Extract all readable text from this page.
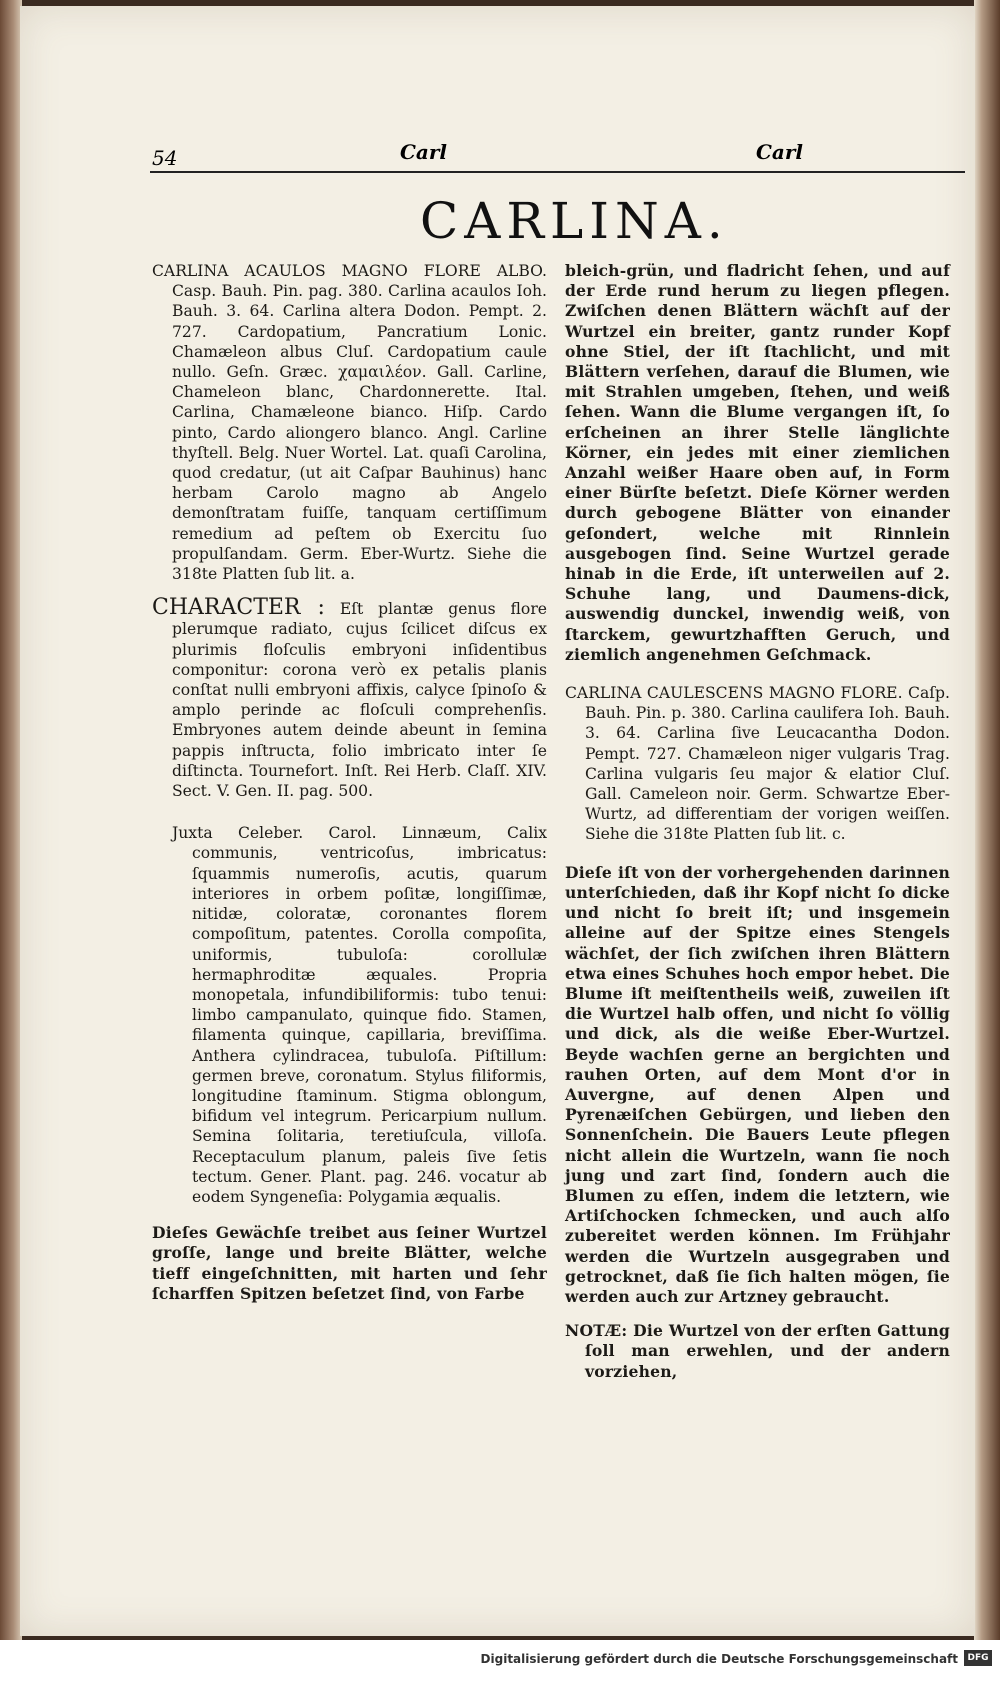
54	Carl	Carl
CARLINA.

CARLINA ACAULOS MAGNO FLORE ALBO. Casp. Bauh. Pin. pag. 380. Carlina acaulos Ioh. Bauh. 3. 64. Carlina altera Dodon. Pempt. 2. 727. Cardopatium, Pancratium Lonic. Chamæleon albus Cluſ. Cardopatium caule nullo. Geſn. Græc. χαμαιλέον. Gall. Carline, Chameleon blanc, Chardonnerette. Ital. Carlina, Chamæleone bianco. Hiſp. Cardo pinto, Cardo aliongero blanco. Angl. Carline thyſtell. Belg. Nuer Wortel. Lat. quaſi Carolina, quod credatur, (ut ait Caſpar Bauhinus) hanc herbam Carolo magno ab Angelo demonſtratam fuiſſe, tanquam certiſſimum remedium ad peſtem ob Exercitu ſuo propulſandam. Germ. Eber-Wurtz. Siehe die 318te Platten ſub lit. a.

CHARACTER : Eſt plantæ genus flore plerumque radiato, cujus ſcilicet diſcus ex plurimis floſculis embryoni inſidentibus componitur: corona verò ex petalis planis conſtat nulli embryoni affixis, calyce ſpinoſo & amplo perinde ac floſculi comprehenſis. Embryones autem deinde abeunt in ſemina pappis inſtructa, folio imbricato inter ſe diſtincta. Tournefort. Inſt. Rei Herb. Claſſ. XIV. Sect. V. Gen. II. pag. 500.

Juxta Celeber. Carol. Linnæum, Calix communis, ventricoſus, imbricatus: ſquammis numeroſis, acutis, quarum interiores in orbem poſitæ, longiſſimæ, nitidæ, coloratæ, coronantes florem compoſitum, patentes. Corolla compoſita, uniformis, tubuloſa: corollulæ hermaphroditæ æquales. Propria monopetala, infundibiliformis: tubo tenui: limbo campanulato, quinque fido. Stamen, filamenta quinque, capillaria, breviſſima. Anthera cylindracea, tubuloſa. Piſtillum: germen breve, coronatum. Stylus filiformis, longitudine ſtaminum. Stigma oblongum, bifidum vel integrum. Pericarpium nullum. Semina ſolitaria, teretiuſcula, villoſa. Receptaculum planum, paleis ſive ſetis tectum. Gener. Plant. pag. 246. vocatur ab eodem Syngeneſia: Polygamia æqualis.

Dieſes Gewächſe treibet aus ſeiner Wurtzel groſſe, lange und breite Blätter, welche tieff eingeſchnitten, mit harten und ſehr ſcharffen Spitzen beſetzet ſind, von Farbe

bleich-grün, und fladricht ſehen, und auf der Erde rund herum zu liegen pflegen. Zwiſchen denen Blättern wächſt auf der Wurtzel ein breiter, gantz runder Kopf ohne Stiel, der iſt ſtachlicht, und mit Blättern verſehen, darauf die Blumen, wie mit Strahlen umgeben, ſtehen, und weiß ſehen. Wann die Blume vergangen iſt, ſo erſcheinen an ihrer Stelle länglichte Körner, ein jedes mit einer ziemlichen Anzahl weißer Haare oben auf, in Form einer Bürſte beſetzt. Dieſe Körner werden durch gebogene Blätter von einander geſondert, welche mit Rinnlein ausgebogen ſind. Seine Wurtzel gerade hinab in die Erde, iſt unterweilen auf 2. Schuhe lang, und Daumens-dick, auswendig dunckel, inwendig weiß, von ſtarckem, gewurtzhafften Geruch, und ziemlich angenehmen Geſchmack.

CARLINA CAULESCENS MAGNO FLORE. Caſp. Bauh. Pin. p. 380. Carlina caulifera Ioh. Bauh. 3. 64. Carlina ſive Leucacantha Dodon. Pempt. 727. Chamæleon niger vulgaris Trag. Carlina vulgaris ſeu major & elatior Cluſ. Gall. Cameleon noir. Germ. Schwartze Eber-Wurtz, ad differentiam der vorigen weiſſen. Siehe die 318te Platten ſub lit. c.

Dieſe iſt von der vorhergehenden darinnen unterſchieden, daß ihr Kopf nicht ſo dicke und nicht ſo breit iſt; und insgemein alleine auf der Spitze eines Stengels wächſet, der ſich zwiſchen ihren Blättern etwa eines Schuhes hoch empor hebet. Die Blume iſt meiſtentheils weiß, zuweilen iſt die Wurtzel halb offen, und nicht ſo völlig und dick, als die weiße Eber-Wurtzel. Beyde wachſen gerne an bergichten und rauhen Orten, auf dem Mont d'or in Auvergne, auf denen Alpen und Pyrenæiſchen Gebürgen, und lieben den Sonnenſchein. Die Bauers Leute pflegen nicht allein die Wurtzeln, wann ſie noch jung und zart ſind, ſondern auch die Blumen zu eſſen, indem die letztern, wie Artiſchocken ſchmecken, und auch alſo zubereitet werden können. Im Frühjahr werden die Wurtzeln ausgegraben und getrocknet, daß ſie ſich halten mögen, ſie werden auch zur Artzney gebraucht.

NOTÆ: Die Wurtzel von der erſten Gattung ſoll man erwehlen, und der andern vorziehen,

Digitalisierung gefördert durch die Deutsche Forschungsgemeinschaft	DFG
